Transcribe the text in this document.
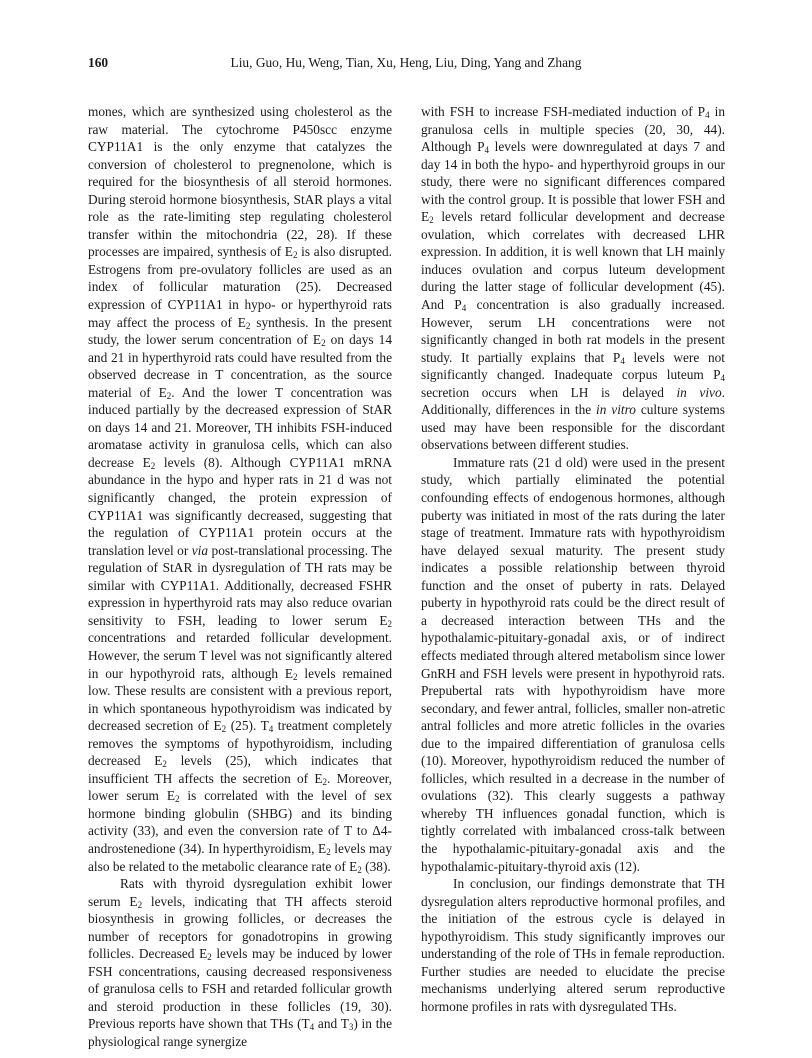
160	Liu, Guo, Hu, Weng, Tian, Xu, Heng, Liu, Ding, Yang and Zhang

mones, which are synthesized using cholesterol as the raw material. The cytochrome P450scc enzyme CYP11A1 is the only enzyme that catalyzes the conversion of cholesterol to pregnenolone, which is required for the biosynthesis of all steroid hormones. During steroid hormone biosynthesis, StAR plays a vital role as the rate-limiting step regulating cholesterol transfer within the mitochondria (22, 28). If these processes are impaired, synthesis of $E_2$ is also disrupted. Estrogens from pre-ovulatory follicles are used as an index of follicular maturation (25). Decreased expression of CYP11A1 in hypo- or hyperthyroid rats may affect the process of $E_2$ synthesis. In the present study, the lower serum concentration of $E_2$ on days 14 and 21 in hyperthyroid rats could have resulted from the observed decrease in T concentration, as the source material of $E_2$. And the lower T concentration was induced partially by the decreased expression of StAR on days 14 and 21. Moreover, TH inhibits FSH-induced aromatase activity in granulosa cells, which can also decrease $E_2$ levels (8). Although CYP11A1 mRNA abundance in the hypo and hyper rats in 21 d was not significantly changed, the protein expression of CYP11A1 was significantly decreased, suggesting that the regulation of CYP11A1 protein occurs at the translation level or via post-translational processing. The regulation of StAR in dysregulation of TH rats may be similar with CYP11A1. Additionally, decreased FSHR expression in hyperthyroid rats may also reduce ovarian sensitivity to FSH, leading to lower serum $E_2$ concentrations and retarded follicular development. However, the serum T level was not significantly altered in our hypothyroid rats, although $E_2$ levels remained low. These results are consistent with a previous report, in which spontaneous hypothyroidism was indicated by decreased secretion of $E_2$ (25). $T_4$ treatment completely removes the symptoms of hypothyroidism, including decreased $E_2$ levels (25), which indicates that insufficient TH affects the secretion of $E_2$. Moreover, lower serum $E_2$ is correlated with the level of sex hormone binding globulin (SHBG) and its binding activity (33), and even the conversion rate of T to Δ4-androstenedione (34). In hyperthyroidism, $E_2$ levels may also be related to the metabolic clearance rate of $E_2$ (38).

Rats with thyroid dysregulation exhibit lower serum $E_2$ levels, indicating that TH affects steroid biosynthesis in growing follicles, or decreases the number of receptors for gonadotropins in growing follicles. Decreased $E_2$ levels may be induced by lower FSH concentrations, causing decreased responsiveness of granulosa cells to FSH and retarded follicular growth and steroid production in these follicles (19, 30). Previous reports have shown that THs ($T_4$ and $T_3$) in the physiological range synergize

with FSH to increase FSH-mediated induction of $P_4$ in granulosa cells in multiple species (20, 30, 44). Although $P_4$ levels were downregulated at days 7 and day 14 in both the hypo- and hyperthyroid groups in our study, there were no significant differences compared with the control group. It is possible that lower FSH and $E_2$ levels retard follicular development and decrease ovulation, which correlates with decreased LHR expression. In addition, it is well known that LH mainly induces ovulation and corpus luteum development during the latter stage of follicular development (45). And $P_4$ concentration is also gradually increased. However, serum LH concentrations were not significantly changed in both rat models in the present study. It partially explains that $P_4$ levels were not significantly changed. Inadequate corpus luteum $P_4$ secretion occurs when LH is delayed in vivo. Additionally, differences in the in vitro culture systems used may have been responsible for the discordant observations between different studies.

Immature rats (21 d old) were used in the present study, which partially eliminated the potential confounding effects of endogenous hormones, although puberty was initiated in most of the rats during the later stage of treatment. Immature rats with hypothyroidism have delayed sexual maturity. The present study indicates a possible relationship between thyroid function and the onset of puberty in rats. Delayed puberty in hypothyroid rats could be the direct result of a decreased interaction between THs and the hypothalamic-pituitary-gonadal axis, or of indirect effects mediated through altered metabolism since lower GnRH and FSH levels were present in hypothyroid rats. Prepubertal rats with hypothyroidism have more secondary, and fewer antral, follicles, smaller non-atretic antral follicles and more atretic follicles in the ovaries due to the impaired differentiation of granulosa cells (10). Moreover, hypothyroidism reduced the number of follicles, which resulted in a decrease in the number of ovulations (32). This clearly suggests a pathway whereby TH influences gonadal function, which is tightly correlated with imbalanced cross-talk between the hypothalamic-pituitary-gonadal axis and the hypothalamic-pituitary-thyroid axis (12).

In conclusion, our findings demonstrate that TH dysregulation alters reproductive hormonal profiles, and the initiation of the estrous cycle is delayed in hypothyroidism. This study significantly improves our understanding of the role of THs in female reproduction. Further studies are needed to elucidate the precise mechanisms underlying altered serum reproductive hormone profiles in rats with dysregulated THs.
